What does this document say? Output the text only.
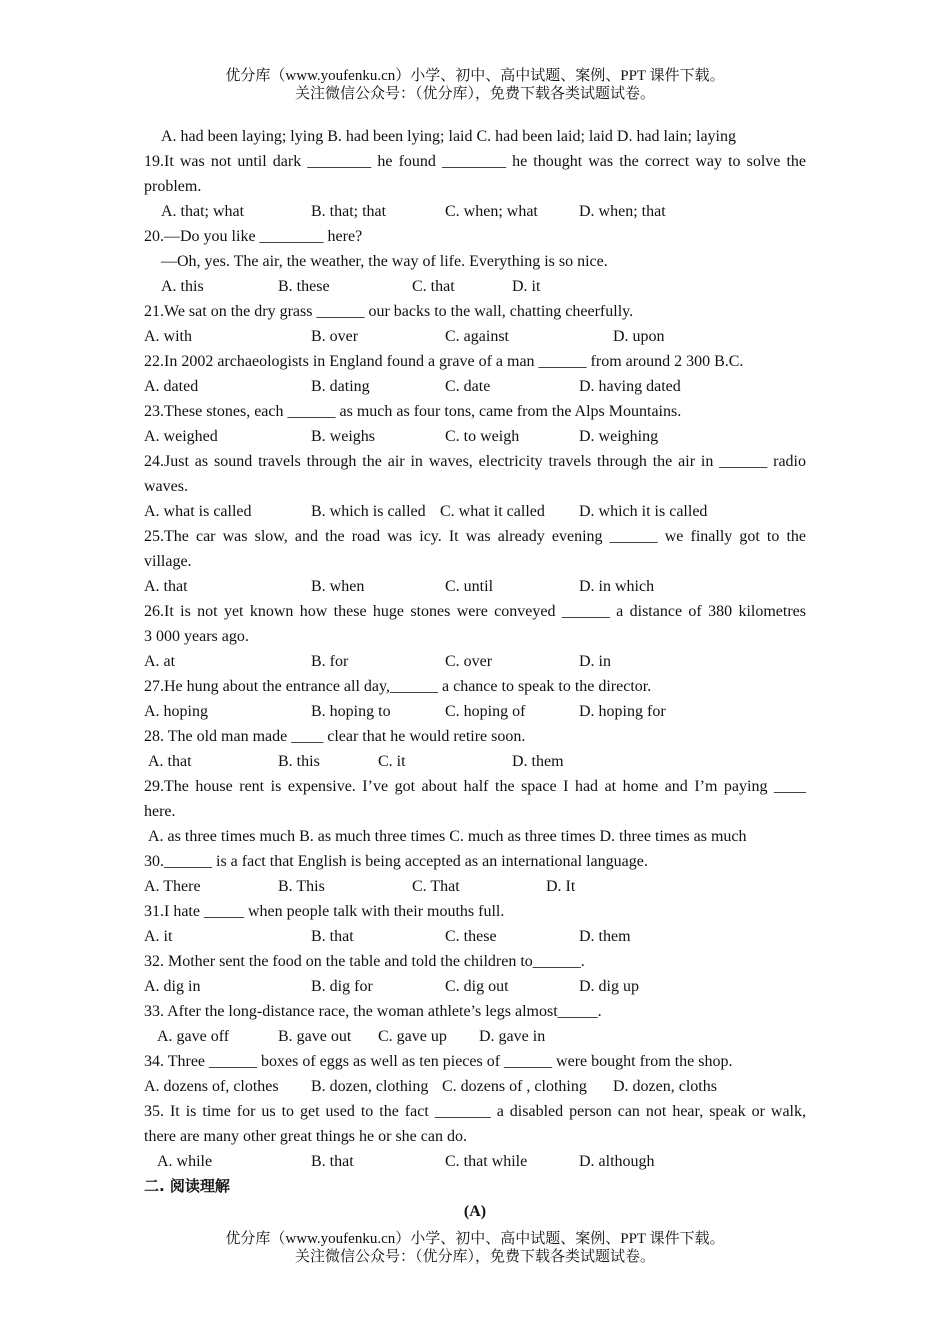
优分库（www.youfenku.cn）小学、初中、高中试题、案例、PPT 课件下载。
关注微信公众号：（优分库），免费下载各类试题试卷。
A. had been laying; lying B. had been lying; laid C. had been laid; laid D. had lain; laying
19.It was not until dark ________ he found ________ he thought was the correct way to solve the
problem.
A. that; what	B. that; that	C. when; what	D. when; that
20.—Do you like ________ here?
—Oh, yes. The air, the weather, the way of life. Everything is so nice.
A. this	B. these	C. that	D. it
21.We sat on the dry grass ______ our backs to the wall, chatting cheerfully.
A. with	B. over	C. against	D. upon
22.In 2002 archaeologists in England found a grave of a man ______ from around 2 300 B.C.
A. dated	B. dating	C. date	D. having dated
23.These stones, each ______ as much as four tons, came from the Alps Mountains.
A. weighed	B. weighs	C. to weigh	D. weighing
24.Just as sound travels through the air in waves, electricity travels through the air in ______ radio
waves.
A. what is called	B. which is called C. what it called D. which it is called
25.The car was slow, and the road was icy. It was already evening ______ we finally got to the
village.
A. that	B. when	C. until	D. in which
26.It is not yet known how these huge stones were conveyed ______ a distance of 380 kilometres
3 000 years ago.
A. at	B. for	C. over	D. in
27.He hung about the entrance all day,______ a chance to speak to the director.
A. hoping	B. hoping to	C. hoping of	D. hoping for
28. The old man made ____ clear that he would retire soon.
A. that	B. this	C. it	D. them
29.The house rent is expensive. I’ve got about half the space I had at home and I’m paying ____
here.
A. as three times much B. as much three times C. much as three times D. three times as much
30.______ is a fact that English is being accepted as an international language.
A. There	B. This	C. That	D. It
31.I hate _____ when people talk with their mouths full.
A. it	B. that	C. these	D. them
32. Mother sent the food on the table and told the children to______.
A. dig in	B. dig for	C. dig out	D. dig up
33. After the long-distance race, the woman athlete’s legs almost_____.
A. gave off	B. gave out C. gave up D. gave in
34. Three ______ boxes of eggs as well as ten pieces of ______ were bought from the shop.
A. dozens of, clothes B. dozen, clothing C. dozens of , clothing D. dozen, cloths
35. It is time for us to get used to the fact _______ a disabled person can not hear, speak or walk,
there are many other great things he or she can do.
A. while	B. that	C. that while	D. although
二. 阅读理解
(A)
优分库（www.youfenku.cn）小学、初中、高中试题、案例、PPT 课件下载。
关注微信公众号：（优分库），免费下载各类试题试卷。
